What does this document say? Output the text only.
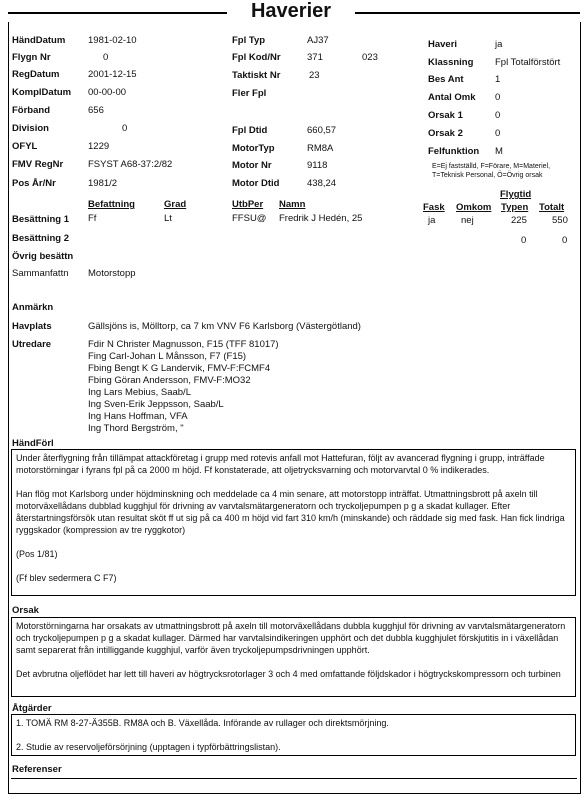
Haverier
HändDatum 1981-02-10
Flygn Nr	0
RegDatum	2001-12-15
KomplDatum 00-00-00
Förband	656
Division	0
OFYL	1229
FMV RegNr	FSYST A68-37:2/82
Pos År/Nr	1981/2
Fpl Typ	AJ37
Fpl Kod/Nr	371	023
Taktiskt Nr	23
Fler Fpl
Fpl Dtid	660,57
MotorTyp	RM8A
Motor Nr	9118
Motor Dtid	438,24
Haveri	ja
Klassning Fpl Totalförstört
Bes Ant	1
Antal Omk 0
Orsak 1	0
Orsak 2	0
Felfunktion M
E=Ej fastställd, F=Förare, M=Materiel,
T=Teknisk Personal, Ö=Övrig orsak
Befattning	Grad	UtbPer Namn
Flygtid
Fask Omkom Typen Totalt
Besättning 1 Ff	Lt	FFSU@ Fredrik J Hedén, 25	ja	nej	225	550
Besättning 2	0	0
Övrig besättn
Sammanfattn Motorstopp
Anmärkn
Havplats	Gällsjöns is, Mölltorp, ca 7 km VNV F6 Karlsborg (Västergötland)
Utredare	Fdir N Christer Magnusson, F15 (TFF 81017)
Fing Carl-Johan L Månsson, F7 (F15)
Fbing Bengt K G Landervik, FMV-F:FCMF4
Fbing Göran Andersson, FMV-F:MO32
Ing Lars Mebius, Saab/L
Ing Sven-Erik Jeppsson, Saab/L
Ing Hans Hoffman, VFA
Ing Thord Bergström, "
HändFörl

Under återflygning från tillämpat attackföretag i grupp med rotevis anfall mot Hattefuran, följt av avancerad flygning i grupp, inträffade motorstörningar i fyrans fpl på ca 2000 m höjd. Ff konstaterade, att oljetrycksvarning och motorvarvtal 0 % indikerades.

Han flög mot Karlsborg under höjdminskning och meddelade ca 4 min senare, att motorstopp inträffat. Utmattningsbrott på axeln till motorväxellådans dubblad kugghjul för drivning av varvtalsmätargeneratorn och tryckoljepumpen p g a skadat kullager. Efter återstartningsförsök utan resultat sköt ff ut sig på ca 400 m höjd vid fart 310 km/h (minskande) och räddade sig med fask. Han fick lindriga ryggskador (kompression av tre ryggkotor)

(Pos 1/81)

(Ff blev sedermera C F7)

Orsak

Motorstörningarna har orsakats av utmattningsbrott på axeln till motorväxellådans dubbla kugghjul för drivning av varvtalsmätargeneratorn och tryckoljepumpen p g a skadat kullager. Därmed har varvtalsindikeringen upphört och det dubbla kugghjulet förskjutitis in i växellådan samt separerat från intilliggande kugghjul, varför även tryckoljepumpsdrivningen upphört.

Det avbrutna oljeflödet har lett till haveri av högtrycksrotorlager 3 och 4 med omfattande följdskador i högtryckskompressorn och turbinen

Åtgärder

1. TOMÄ RM 8-27-Ä355B. RM8A och B. Växellåda. Införande av rullager och direktsmörjning.

2. Studie av reservoljeförsörjning (upptagen i typförbättringslistan).

Referenser
